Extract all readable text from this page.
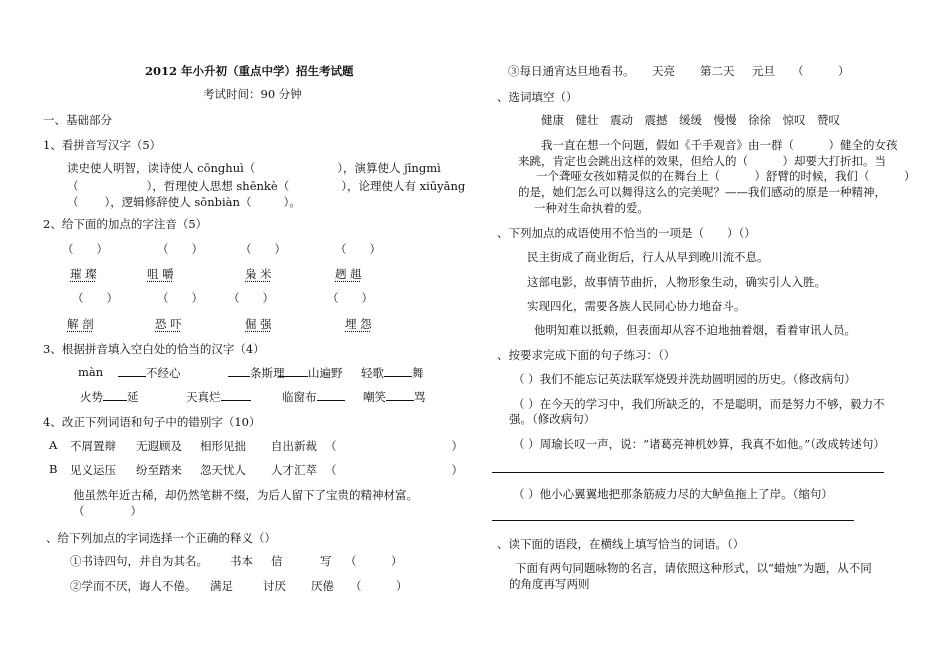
2012 年小升初（重点中学）招生考试题
考试时间：90 分钟
一、基础部分
1、看拼音写汉字（5）
读史使人明智，读诗使人 cōnghuì（	），演算使人 jīngmì
（	），哲理使人思想 shēnkè（	），论理使人有 xiūyǎng
（ ），逻辑修辞使人 sōnbiàn（	）。
2、给下面的加点的字注音（5）
（　　）	（　　）	（　　）	（　　）
璀 璨	咀 嚼	枭 米	趔 趄
（　　）	（　　） （　　）	（　　）
解 剖	恐 吓	倔 强	埋 怨
3、根据拼音填入空白处的恰当的汉字（4）
màn	不经心	条斯理	山遍野 轻歌 舞
火势 延	天真烂	临窗布	嘲笑 骂
4、改正下列词语和句子中的错别字（10）
A 不屑置辩 无遐顾及 相形见拙 自出新裁 （　　　　　　　　　　）
B 见义运压 纷至踏来 忽天忧人 人才汇萃 （　　　　　　　　　　）
他虽然年近古稀，却仍然笔耕不缀，为后人留下了宝贵的精神材富。
（　　　　）
、给下列加点的字词选择一个正确的释义（）
①书诗四句，并自为其名。 书本 信	写 （　　　）
②学而不厌，诲人不倦。 满足	讨厌 厌倦 （　　　）
③每日通宵达旦地看书。 天亮 第二天 元旦 （　　　）
、选词填空（）
健康　健壮　震动　震撼　缓缓　慢慢　徐徐　惊叹　赞叹
我一直在想一个问题，假如《千手观音》由一群（　　　）健全的女孩
来跳，肯定也会跳出这样的效果，但给人的（　　　）却要大打折扣。当
一个聋哑女孩如精灵似的在舞台上（　　　）舒臂的时候，我们（　　　）
的是，她们怎么可以舞得这么的完美呢？——我们感动的原是一种精神，
一种对生命执着的爱。
、下列加点的成语使用不恰当的一项是（　　）（）
民主街成了商业街后，行人从早到晚川流不息。
这部电影，故事情节曲折，人物形象生动，确实引人入胜。
实现四化，需要各族人民同心协力地奋斗。
他明知难以抵赖，但表面却从容不迫地抽着烟，看着审讯人员。
、按要求完成下面的句子练习：（）
（ ）我们不能忘记英法联军烧毁并洗劫圆明园的历史。（修改病句）
（ ）在今天的学习中，我们所缺乏的，不是聪明，而是努力不够，毅力不
强。（修改病句）
（ ）周瑜长叹一声，说：“诸葛亮神机妙算，我真不如他。”（改成转述句）
（ ）他小心翼翼地把那条筋疲力尽的大鲈鱼拖上了岸。（缩句）
、读下面的语段，在横线上填写恰当的词语。（）
下面有两句同题咏物的名言，请依照这种形式，以“蜡烛”为题，从不同
的角度再写两则
